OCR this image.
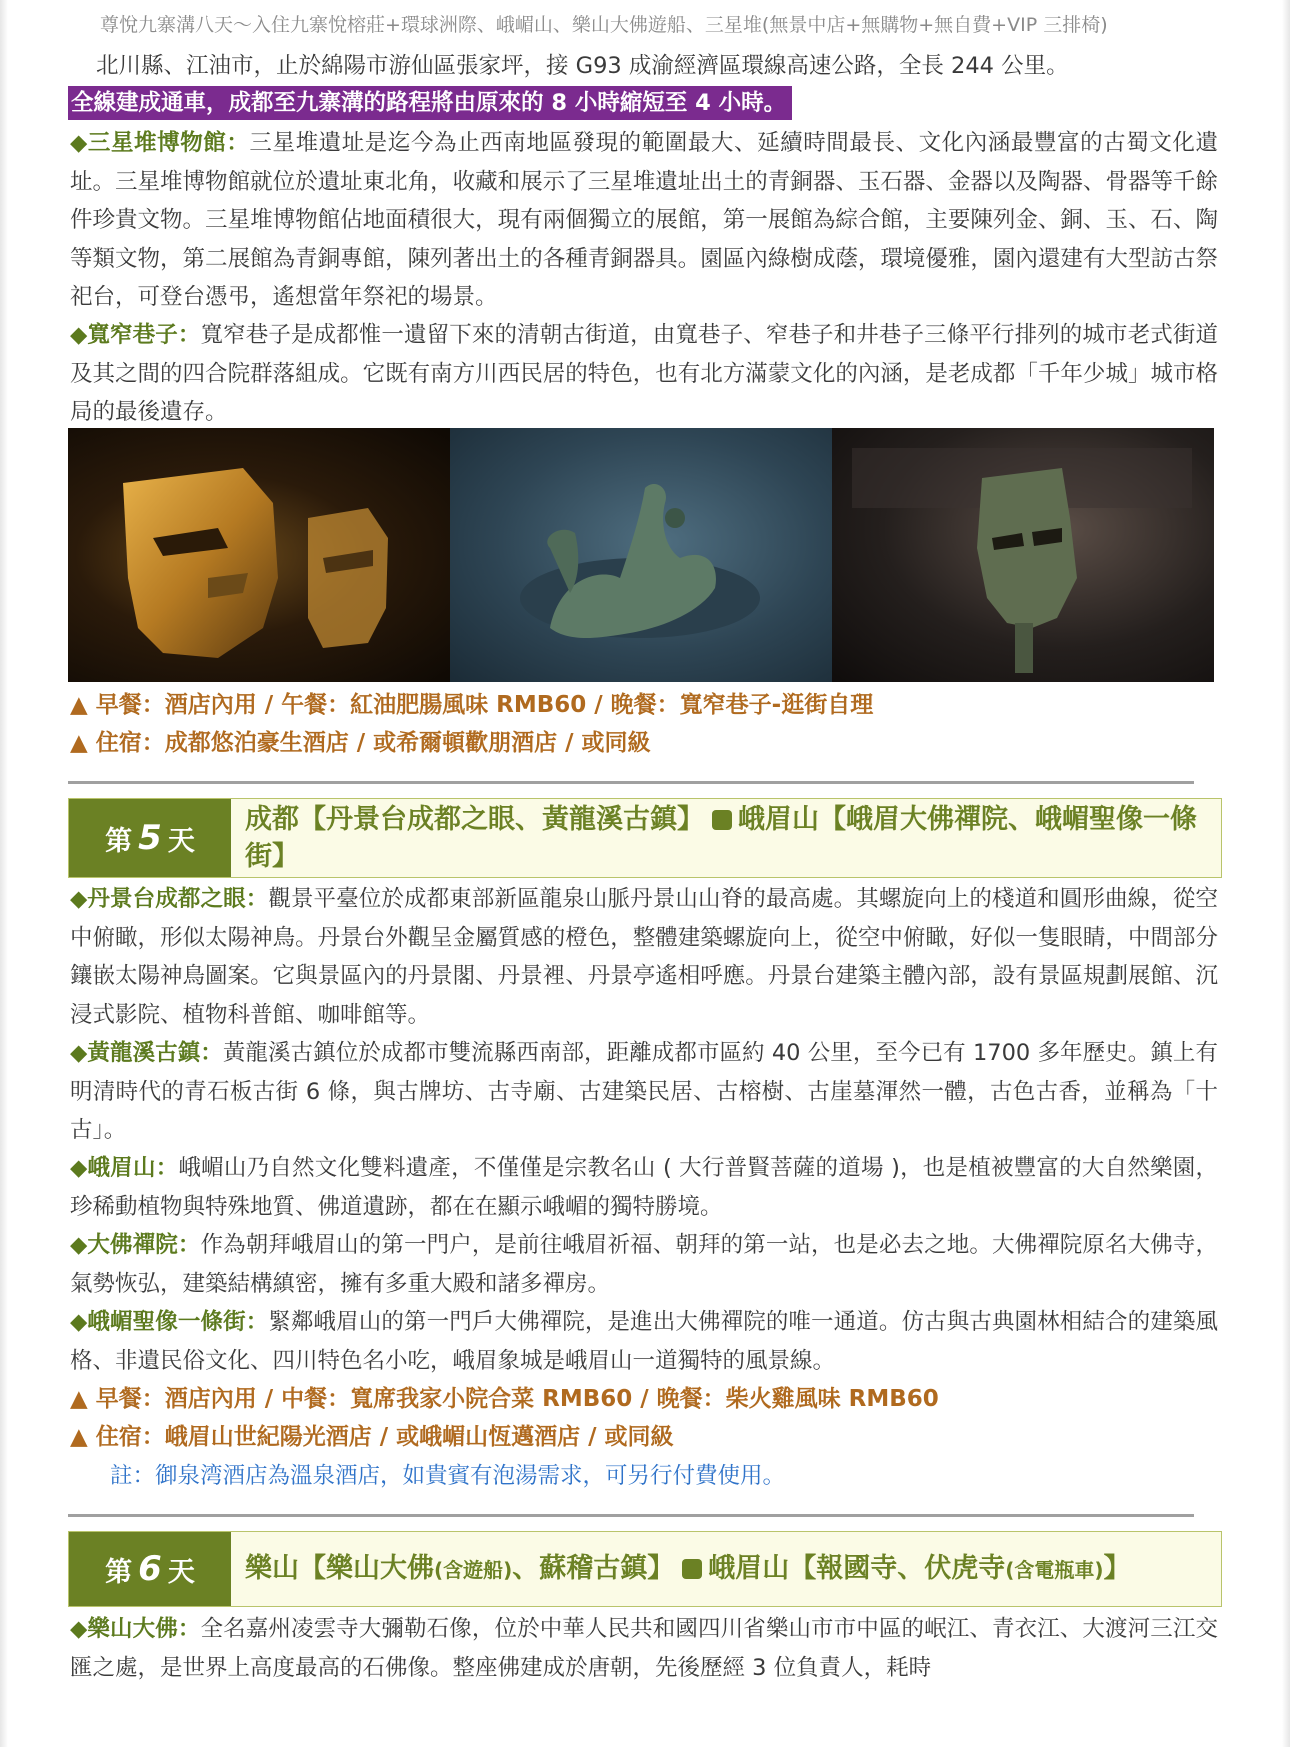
尊悅九寨溝八天～入住九寨悅榕莊+環球洲際、峨嵋山、樂山大佛遊船、三星堆(無景中店+無購物+無自費+VIP 三排椅)
北川縣、江油市，止於綿陽市游仙區張家坪，接 G93 成渝經濟區環線高速公路，全長 244 公里。
全線建成通車，成都至九寨溝的路程將由原來的 8 小時縮短至 4 小時。
◆三星堆博物館：三星堆遺址是迄今為止西南地區發現的範圍最大、延續時間最長、文化內涵最豐富的古蜀文化遺址。三星堆博物館就位於遺址東北角，收藏和展示了三星堆遺址出土的青銅器、玉石器、金器以及陶器、骨器等千餘件珍貴文物。三星堆博物館佔地面積很大，現有兩個獨立的展館，第一展館為綜合館，主要陳列金、銅、玉、石、陶等類文物，第二展館為青銅專館，陳列著出土的各種青銅器具。園區內綠樹成蔭，環境優雅，園內還建有大型訪古祭祀台，可登台憑弔，遙想當年祭祀的場景。
◆寬窄巷子：寬窄巷子是成都惟一遺留下來的清朝古街道，由寬巷子、窄巷子和井巷子三條平行排列的城市老式街道及其之間的四合院群落組成。它既有南方川西民居的特色，也有北方滿蒙文化的內涵，是老成都「千年少城」城市格局的最後遺存。
▲ 早餐：酒店內用 / 午餐：紅油肥腸風味 RMB60 / 晚餐：寬窄巷子-逛街自理
▲ 住宿：成都悠泊豪生酒店 / 或希爾頓歡朋酒店 / 或同級
第 5 天
成都【丹景台成都之眼、黃龍溪古鎮】 峨眉山【峨眉大佛禪院、峨嵋聖像一條街】
◆丹景台成都之眼：觀景平臺位於成都東部新區龍泉山脈丹景山山脊的最高處。其螺旋向上的棧道和圓形曲線，從空中俯瞰，形似太陽神鳥。丹景台外觀呈金屬質感的橙色，整體建築螺旋向上，從空中俯瞰，好似一隻眼睛，中間部分鑲嵌太陽神鳥圖案。它與景區內的丹景閣、丹景裡、丹景亭遙相呼應。丹景台建築主體內部，設有景區規劃展館、沉浸式影院、植物科普館、咖啡館等。
◆黃龍溪古鎮：黃龍溪古鎮位於成都市雙流縣西南部，距離成都市區約 40 公里，至今已有 1700 多年歷史。鎮上有明清時代的青石板古街 6 條，與古牌坊、古寺廟、古建築民居、古榕樹、古崖墓渾然一體，古色古香，並稱為「十古」。
◆峨眉山：峨嵋山乃自然文化雙料遺產，不僅僅是宗教名山 ( 大行普賢菩薩的道場 )，也是植被豐富的大自然樂園，珍稀動植物與特殊地質、佛道遺跡，都在在顯示峨嵋的獨特勝境。
◆大佛禪院：作為朝拜峨眉山的第一門户，是前往峨眉祈福、朝拜的第一站，也是必去之地。大佛禪院原名大佛寺，氣勢恢弘，建築結構縝密，擁有多重大殿和諸多禪房。
◆峨嵋聖像一條街：緊鄰峨眉山的第一門戶大佛禪院，是進出大佛禪院的唯一通道。仿古與古典園林相結合的建築風格、非遺民俗文化、四川特色名小吃，峨眉象城是峨眉山一道獨特的風景線。
▲ 早餐：酒店內用 / 中餐：寬席我家小院合菜 RMB60 / 晚餐：柴火雞風味 RMB60
▲ 住宿：峨眉山世紀陽光酒店 / 或峨嵋山恆邁酒店 / 或同級
註：御泉湾酒店為溫泉酒店，如貴賓有泡湯需求，可另行付費使用。
第 6 天 樂山【樂山大佛(含遊船)、蘇稽古鎮】 峨眉山【報國寺、伏虎寺(含電瓶車)】
◆樂山大佛：全名嘉州凌雲寺大彌勒石像，位於中華人民共和國四川省樂山市市中區的岷江、青衣江、大渡河三江交匯之處，是世界上高度最高的石佛像。整座佛建成於唐朝，先後歷經 3 位負責人，耗時
